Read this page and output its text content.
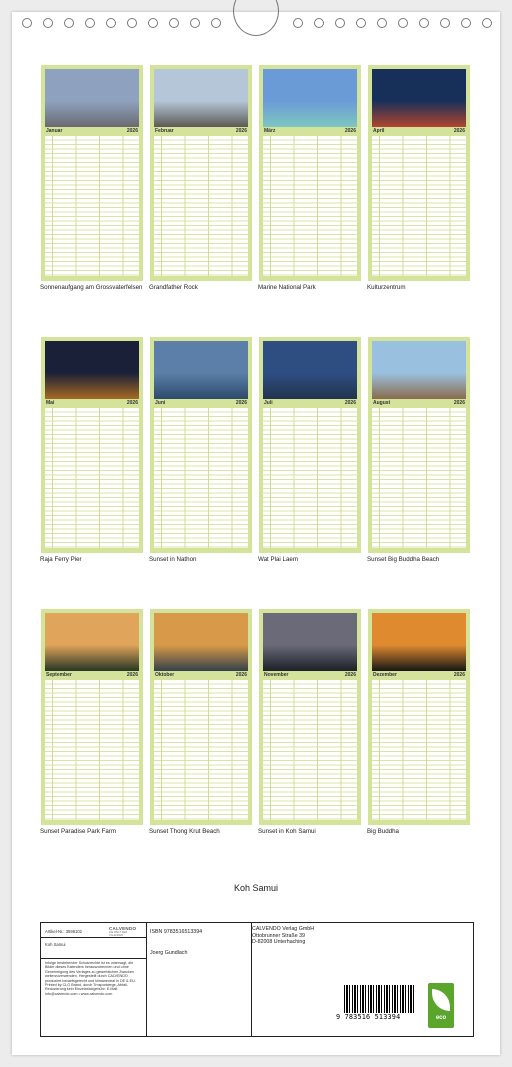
Januar	2026
Sonnenaufgang am Grossvaterfelsen
Februar	2026
Grandfather Rock
März	2026
Marine National Park
April	2026
Kulturzentrum
Mai	2026
Raja Ferry Pier
Juni	2026
Sunset in Nathon
Juli	2026
Wat Plai Laem
August	2026
Sunset Big Buddha Beach
September	2026
Sunset Paradise Park Farm
Oktober	2026
Sunset Thong Krut Beach
November	2026
Sunset in Koh Samui
Dezember	2026
Big Buddha
Koh Samui
Artikel-Nr.: 3596102
CALVENDO
DIE WELT DER KALENDER
Koh Samui
Infolge bestehender Schutzrechte ist es untersagt, die Bilder dieses Kalenders herauszutrennen und ohne Genehmigung des Verlages zu gewerblichen Zwecken weiterzuverwenden. Hergestellt durch CALVENDO produziert bedarfsgerecht und klimaneutral in DE & EU. Printed by CLO Brand, durch Trnsportwege, Abfall-Reduzierung kein Einzelstückgebühr. E-Mail: info@calvendo.com • www.calvendo.com
ISBN 9783516513394
Joerg Gundlach
CALVENDO Verlag GmbH
Ottobrunner Straße 39
D-82008 Unterhaching
9 783516 513394	eco
